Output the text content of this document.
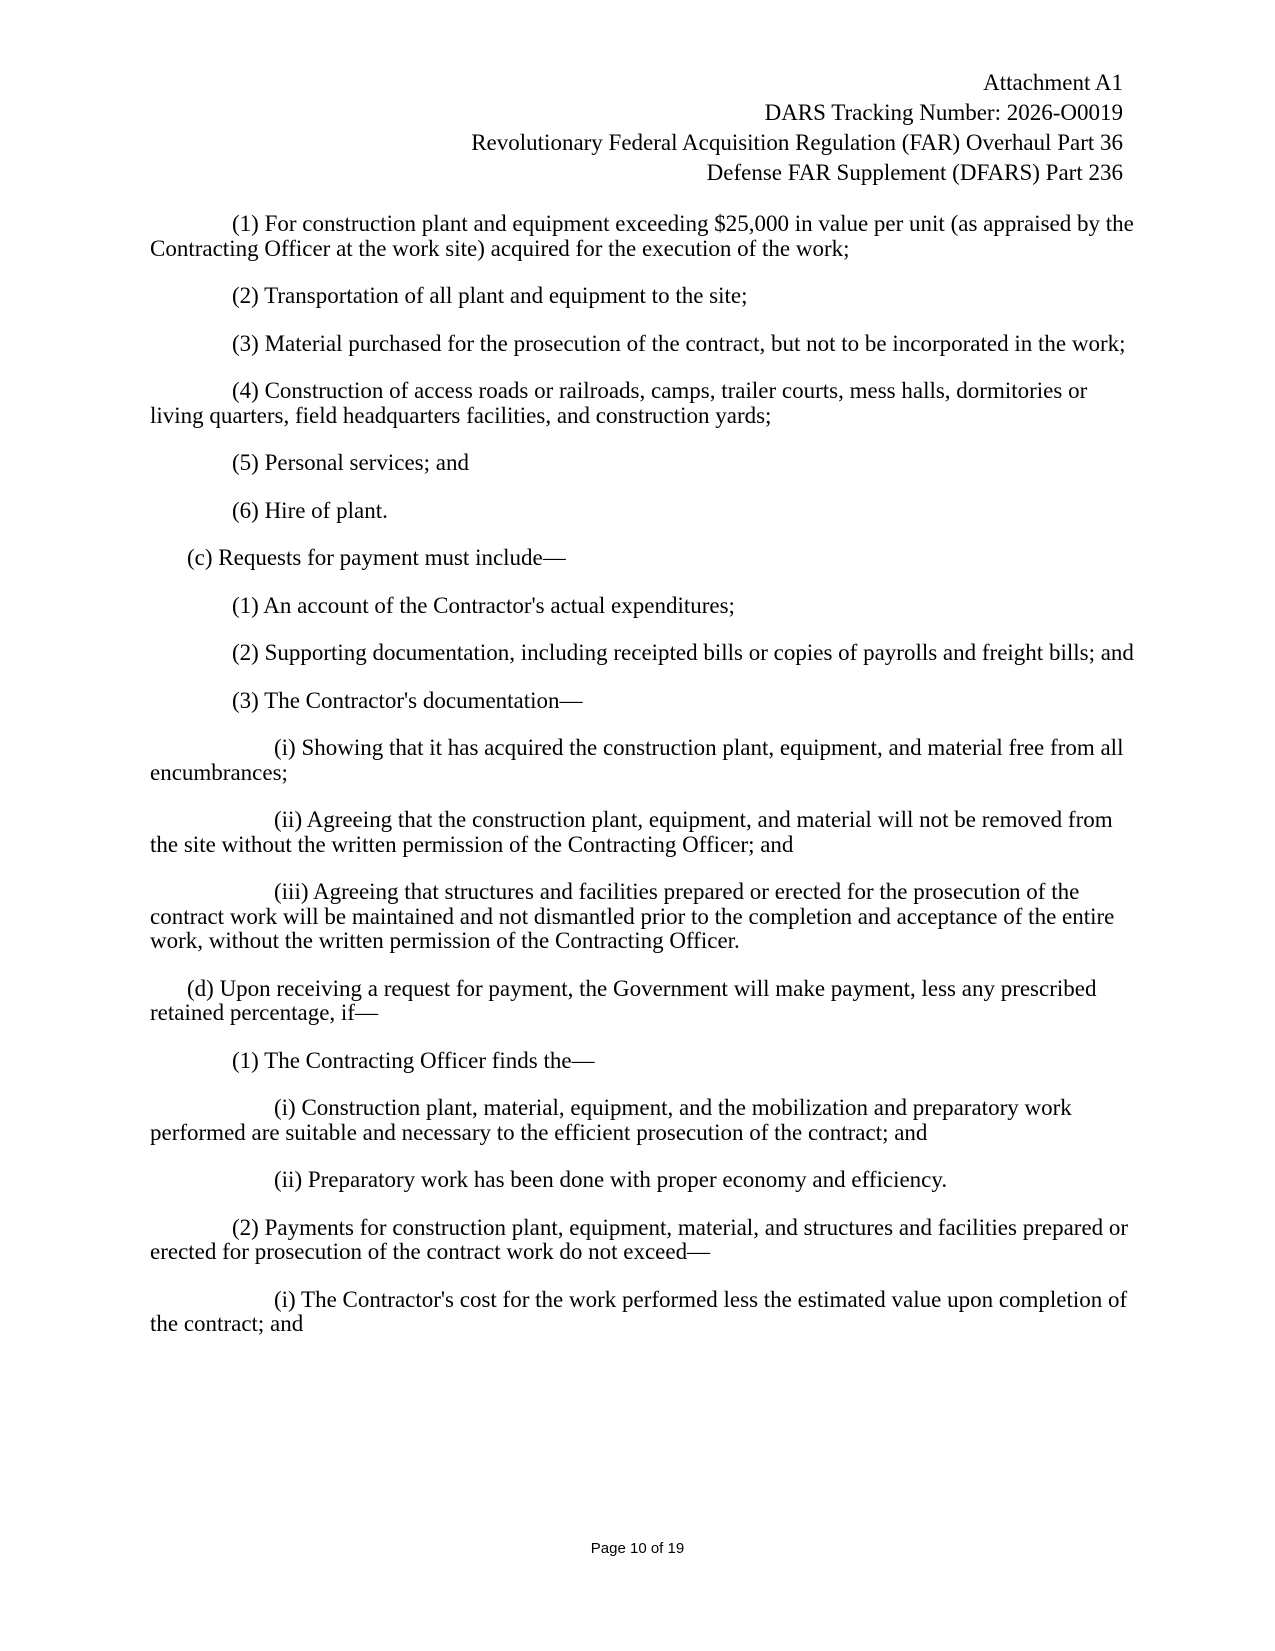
Attachment A1
DARS Tracking Number: 2026-O0019
Revolutionary Federal Acquisition Regulation (FAR) Overhaul Part 36
Defense FAR Supplement (DFARS) Part 236

(1) For construction plant and equipment exceeding $25,000 in value per unit (as appraised by the Contracting Officer at the work site) acquired for the execution of the work;

(2) Transportation of all plant and equipment to the site;

(3) Material purchased for the prosecution of the contract, but not to be incorporated in the work;

(4) Construction of access roads or railroads, camps, trailer courts, mess halls, dormitories or living quarters, field headquarters facilities, and construction yards;

(5) Personal services; and

(6) Hire of plant.

(c) Requests for payment must include—

(1) An account of the Contractor's actual expenditures;

(2) Supporting documentation, including receipted bills or copies of payrolls and freight bills; and

(3) The Contractor's documentation—

(i) Showing that it has acquired the construction plant, equipment, and material free from all encumbrances;

(ii) Agreeing that the construction plant, equipment, and material will not be removed from the site without the written permission of the Contracting Officer; and

(iii) Agreeing that structures and facilities prepared or erected for the prosecution of the contract work will be maintained and not dismantled prior to the completion and acceptance of the entire work, without the written permission of the Contracting Officer.

(d) Upon receiving a request for payment, the Government will make payment, less any prescribed retained percentage, if—

(1) The Contracting Officer finds the—

(i) Construction plant, material, equipment, and the mobilization and preparatory work performed are suitable and necessary to the efficient prosecution of the contract; and

(ii) Preparatory work has been done with proper economy and efficiency.

(2) Payments for construction plant, equipment, material, and structures and facilities prepared or erected for prosecution of the contract work do not exceed—

(i) The Contractor's cost for the work performed less the estimated value upon completion of the contract; and

Page 10 of 19
